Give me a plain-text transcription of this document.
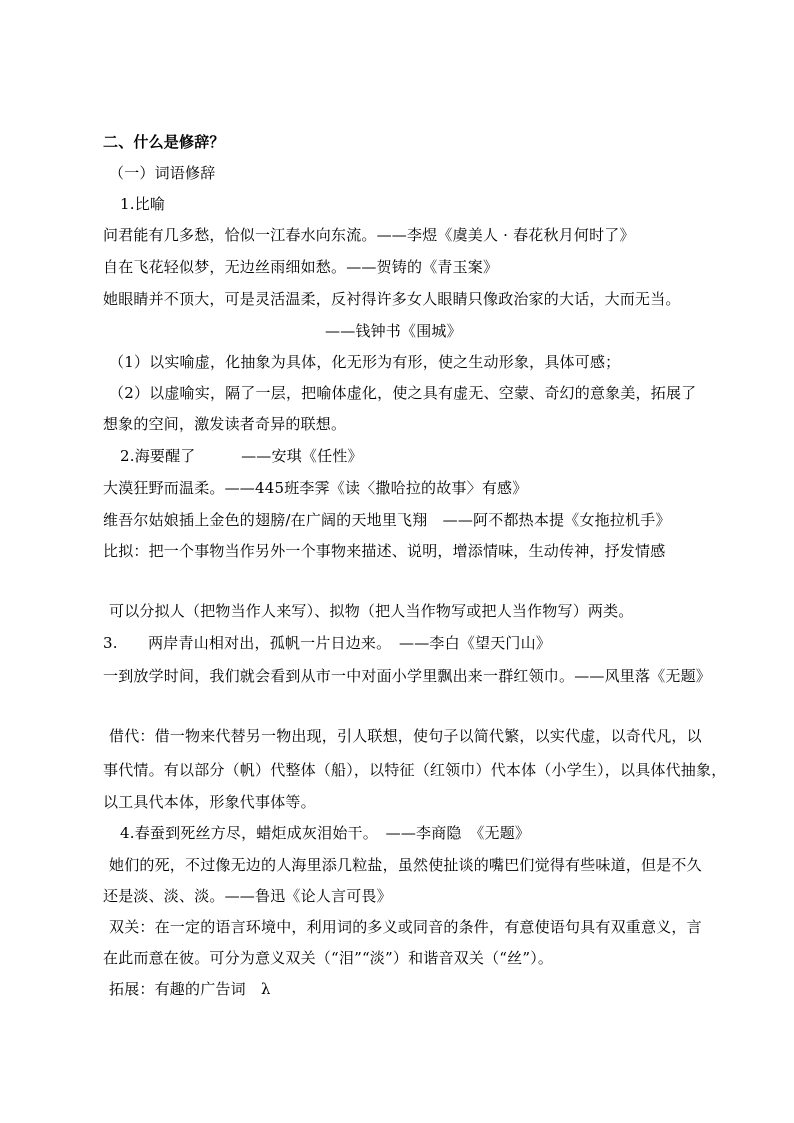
二、什么是修辞？
（一）词语修辞
1.比喻
问君能有几多愁，恰似一江春水向东流。——李煜《虞美人 · 春花秋月何时了》
自在飞花轻似梦，无边丝雨细如愁。——贺铸的《青玉案》
她眼睛并不顶大，可是灵活温柔，反衬得许多女人眼睛只像政治家的大话，大而无当。
——钱钟书《围城》
（1）以实喻虚，化抽象为具体，化无形为有形，使之生动形象，具体可感；
（2）以虚喻实，隔了一层，把喻体虚化，使之具有虚无、空蒙、奇幻的意象美，拓展了
想象的空间，激发读者奇异的联想。
2.海要醒了　　　——安琪《任性》
大漠狂野而温柔。——445班李霁《读〈撒哈拉的故事〉有感》
维吾尔姑娘插上金色的翅膀/在广阔的天地里飞翔　——阿不都热本提《女拖拉机手》
比拟：把一个事物当作另外一个事物来描述、说明，增添情味，生动传神，抒发情感
可以分拟人（把物当作人来写）、拟物（把人当作物写或把人当作物写）两类。
3.　　两岸青山相对出，孤帆一片日边来。　——李白《望天门山》
一到放学时间，我们就会看到从市一中对面小学里飘出来一群红领巾。——风里落《无题》
借代：借一物来代替另一物出现，引人联想，使句子以简代繁，以实代虚，以奇代凡，以
事代情。有以部分（帆）代整体（船），以特征（红领巾）代本体（小学生），以具体代抽象，
以工具代本体，形象代事体等。
4.春蚕到死丝方尽，蜡炬成灰泪始干。　——李商隐　《无题》
她们的死，不过像无边的人海里添几粒盐，虽然使扯谈的嘴巴们觉得有些味道，但是不久
还是淡、淡、淡。——鲁迅《论人言可畏》
双关：在一定的语言环境中，利用词的多义或同音的条件，有意使语句具有双重意义，言
在此而意在彼。可分为意义双关（“泪”“淡”）和谐音双关（“丝”）。
拓展：有趣的广告词　λ
